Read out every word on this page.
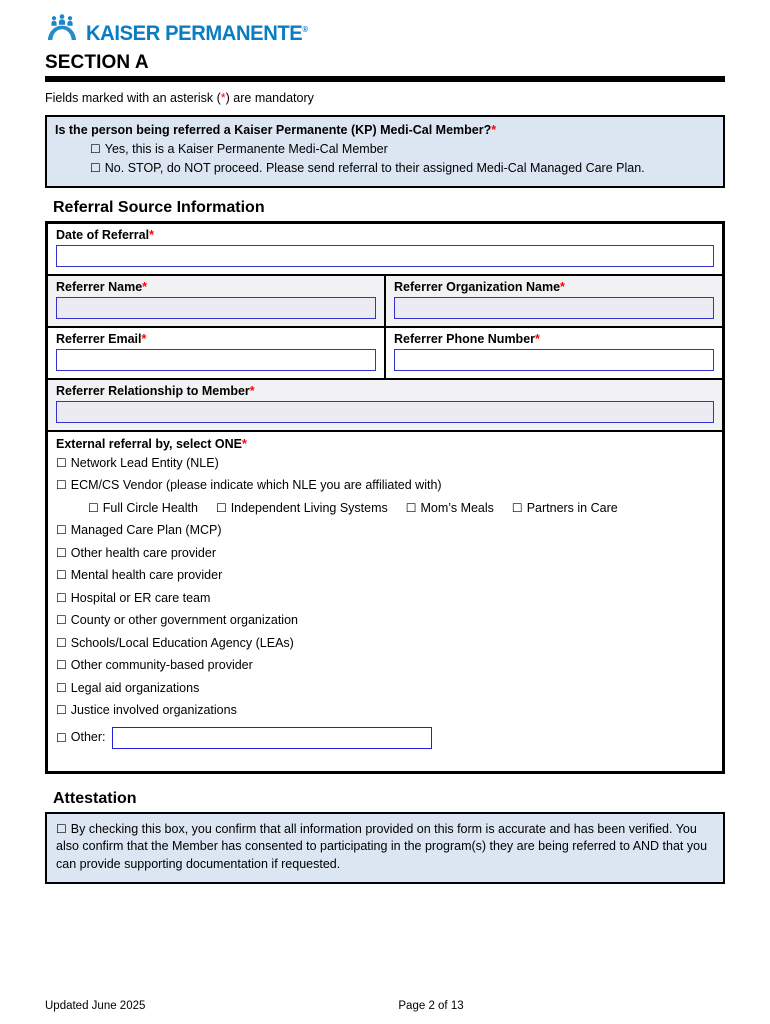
KAISER PERMANENTE®
SECTION A
Fields marked with an asterisk (*) are mandatory
Is the person being referred a Kaiser Permanente (KP) Medi-Cal Member?*
☐ Yes, this is a Kaiser Permanente Medi-Cal Member
☐ No. STOP, do NOT proceed. Please send referral to their assigned Medi-Cal Managed Care Plan.
Referral Source Information
Date of Referral*
Referrer Name*	Referrer Organization Name*
Referrer Email*	Referrer Phone Number*
Referrer Relationship to Member*
External referral by, select ONE*
☐ Network Lead Entity (NLE)
☐ ECM/CS Vendor (please indicate which NLE you are affiliated with)
☐ Full Circle Health ☐ Independent Living Systems ☐ Mom’s Meals ☐ Partners in Care
☐ Managed Care Plan (MCP)
☐ Other health care provider
☐ Mental health care provider
☐ Hospital or ER care team
☐ County or other government organization
☐ Schools/Local Education Agency (LEAs)
☐ Other community-based provider
☐ Legal aid organizations
☐ Justice involved organizations
☐ Other:
Attestation
☐ By checking this box, you confirm that all information provided on this form is accurate and has been verified. You also confirm that the Member has consented to participating in the program(s) they are being referred to AND that you can provide supporting documentation if requested.
Updated June 2025	Page 2 of 13
